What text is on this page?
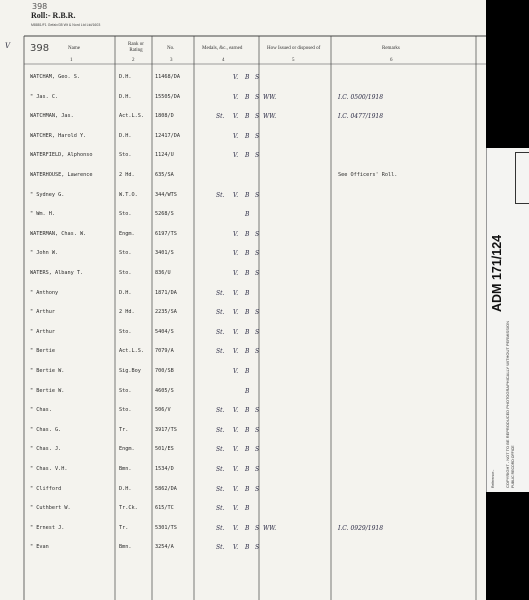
398
Roll:- R.B.R.
M8881/F1 Gefaiv/35 Wt & Nord Ltd Ltd/1603
V 398	Name
1
Rank or Rating
2
No.
3
Medals, &c., earned
4
How Issued or disposed of
5
Remarks
6
WATCHAM, Geo. S.	D.H.	11468/DA	V. B S
" Jas. C.	D.H.	15505/DA	V. B S WW.	I.C. 0500/1918
WATCHMAN, Jas.	Act.L.S. 1808/D	St. V. B S WW.	I.C. 0477/1918
WATCHER, Harold Y.	D.H.	12417/DA	V. B S
WATERFIELD, Alphonso	Sto.	1124/U	V. B S
WATERHOUSE, Lawrence	2 Hd.	635/SA	See Officers' Roll.
" Sydney G.	W.T.O.	344/WTS	St. V. B S
" Wm. H.	Sto.	5268/S	B
WATERMAN, Chas. W.	Engm.	6197/TS	V. B S
" John W.	Sto.	3401/S	V. B S
WATERS, Albany T.	Sto.	836/U	V. B S
" Anthony	D.H.	1871/DA	St. V. B
" Arthur	2 Hd.	2235/SA	St. V. B S
" Arthur	Sto.	5404/S	St. V. B S
" Bertie	Act.L.S. 7079/A	St. V. B S
" Bertie W.	Sig.Boy	700/SB	V. B
" Bertie W.	Sto.	4605/S	B
" Chas.	Sto.	506/V	St. V. B S
" Chas. G.	Tr.	3917/TS	St. V. B S
" Chas. J.	Engm.	501/ES	St. V. B S
" Chas. V.H.	Bmn.	1534/D	St. V. B S
" Clifford	D.H.	5862/DA	St. V. B S
" Cuthbert W.	Tr.Ck.	615/TC	St. V. B
" Ernest J.	Tr.	5301/TS	St. V. B S WW.	I.C. 0929/1918
" Evan	Bmn.	3254/A	St. V. B S
Reference:-
ADM 171/124
COPYRIGHT - NOT TO BE REPRODUCED PHOTOGRAPHICALLY WITHOUT PERMISSION PUBLIC RECORD OFFICE
